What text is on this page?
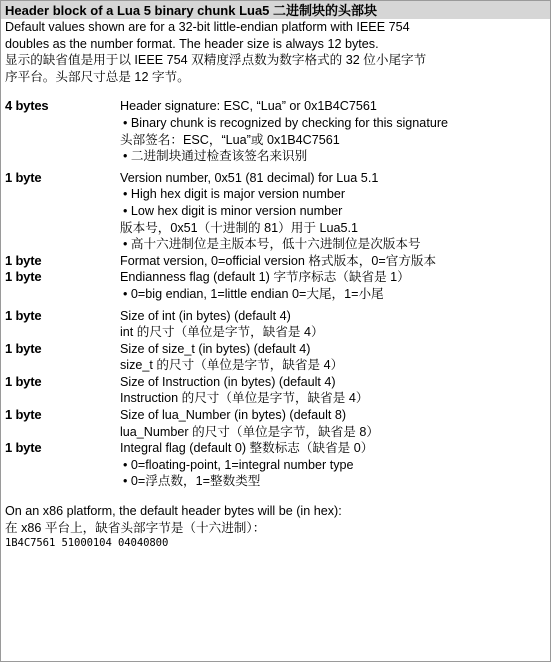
Header block of a Lua 5 binary chunk Lua5 二进制块的头部块
Default values shown are for a 32-bit little-endian platform with IEEE 754
doubles as the number format. The header size is always 12 bytes.
显示的缺省值是用于以 IEEE 754 双精度浮点数为数字格式的 32 位小尾字节
序平台。头部尺寸总是 12 字节。
4 bytes	Header signature: ESC, “Lua” or 0x1B4C7561
• Binary chunk is recognized by checking for this signature
头部签名：ESC，“Lua”或 0x1B4C7561
• 二进制块通过检查该签名来识别
1 byte	Version number, 0x51 (81 decimal) for Lua 5.1
• High hex digit is major version number
• Low hex digit is minor version number
版本号，0x51（十进制的 81）用于 Lua5.1
• 高十六进制位是主版本号，低十六进制位是次版本号
1 byte	Format version, 0=official version 格式版本，0=官方版本
1 byte	Endianness flag (default 1) 字节序标志（缺省是 1）
• 0=big endian, 1=little endian 0=大尾，1=小尾
1 byte	Size of int (in bytes) (default 4)
int 的尺寸（单位是字节，缺省是 4）
1 byte	Size of size_t (in bytes) (default 4)
size_t 的尺寸（单位是字节，缺省是 4）
1 byte	Size of Instruction (in bytes) (default 4)
Instruction 的尺寸（单位是字节，缺省是 4）
1 byte	Size of lua_Number (in bytes) (default 8)
lua_Number 的尺寸（单位是字节，缺省是 8）
1 byte	Integral flag (default 0) 整数标志（缺省是 0）
• 0=floating-point, 1=integral number type
• 0=浮点数，1=整数类型
On an x86 platform, the default header bytes will be (in hex):
在 x86 平台上，缺省头部字节是（十六进制）：
1B4C7561 51000104 04040800
